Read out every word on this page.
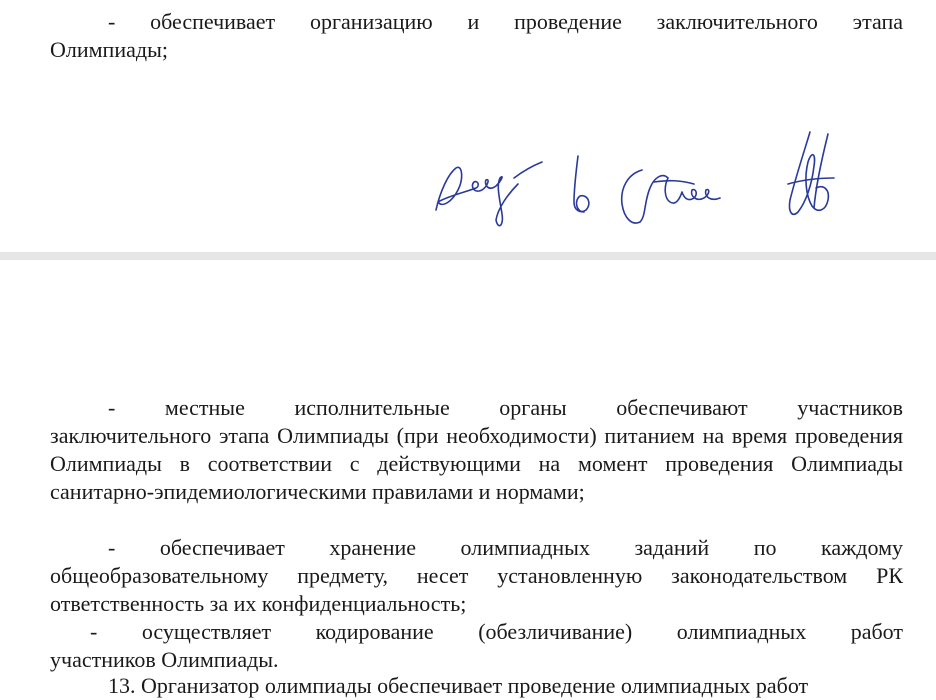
- обеспечивает организацию и проведение заключительного этапа
Олимпиады;

- местные исполнительные органы обеспечивают участников
заключительного этапа Олимпиады (при необходимости) питанием на время проведения Олимпиады в соответствии с действующими на момент проведения Олимпиады санитарно-эпидемиологическими правилами и нормами;

- обеспечивает хранение олимпиадных заданий по каждому
общеобразовательному предмету, несет установленную законодательством РК ответственность за их конфиденциальность;

- осуществляет кодирование (обезличивание) олимпиадных работ
участников Олимпиады.

13. Организатор олимпиады обеспечивает проведение олимпиадных работ
